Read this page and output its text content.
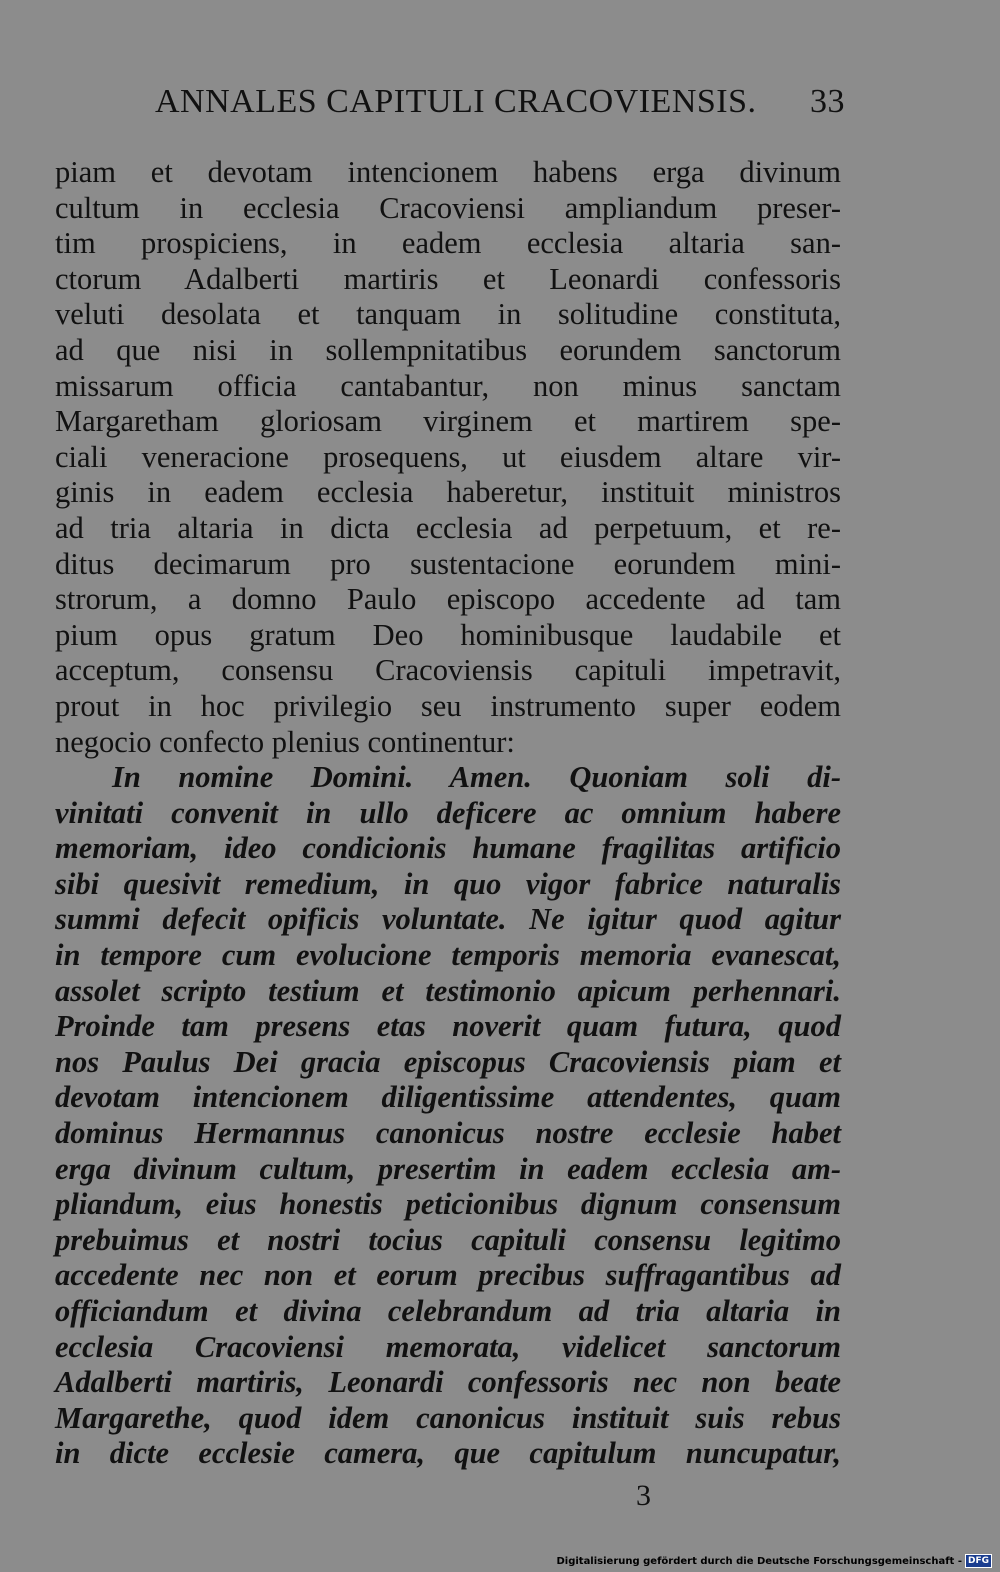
ANNALES CAPITULI CRACOVIENSIS. 33
piam et devotam intencionem habens erga divinum
cultum in ecclesia Cracoviensi ampliandum preser-
tim prospiciens, in eadem ecclesia altaria san-
ctorum Adalberti martiris et Leonardi confessoris
veluti desolata et tanquam in solitudine constituta,
ad que nisi in sollempnitatibus eorundem sanctorum
missarum officia cantabantur, non minus sanctam
Margaretham gloriosam virginem et martirem spe-
ciali veneracione prosequens, ut eiusdem altare vir-
ginis in eadem ecclesia haberetur, instituit ministros
ad tria altaria in dicta ecclesia ad perpetuum, et re-
ditus decimarum pro sustentacione eorundem mini-
strorum, a domno Paulo episcopo accedente ad tam
pium opus gratum Deo hominibusque laudabile et
acceptum, consensu Cracoviensis capituli impetravit,
prout in hoc privilegio seu instrumento super eodem
negocio confecto plenius continentur:
In nomine Domini. Amen. Quoniam soli di-
vinitati convenit in ullo deficere ac omnium habere
memoriam, ideo condicionis humane fragilitas artificio
sibi quesivit remedium, in quo vigor fabrice naturalis
summi defecit opificis voluntate. Ne igitur quod agitur
in tempore cum evolucione temporis memoria evanescat,
assolet scripto testium et testimonio apicum perhennari.
Proinde tam presens etas noverit quam futura, quod
nos Paulus Dei gracia episcopus Cracoviensis piam et
devotam intencionem diligentissime attendentes, quam
dominus Hermannus canonicus nostre ecclesie habet
erga divinum cultum, presertim in eadem ecclesia am-
pliandum, eius honestis peticionibus dignum consensum
prebuimus et nostri tocius capituli consensu legitimo
accedente nec non et eorum precibus suffragantibus ad
officiandum et divina celebrandum ad tria altaria in
ecclesia Cracoviensi memorata, videlicet sanctorum
Adalberti martiris, Leonardi confessoris nec non beate
Margarethe, quod idem canonicus instituit suis rebus
in dicte ecclesie camera, que capitulum nuncupatur,
3
Digitalisierung gefördert durch die Deutsche Forschungsgemeinschaft - DFG
